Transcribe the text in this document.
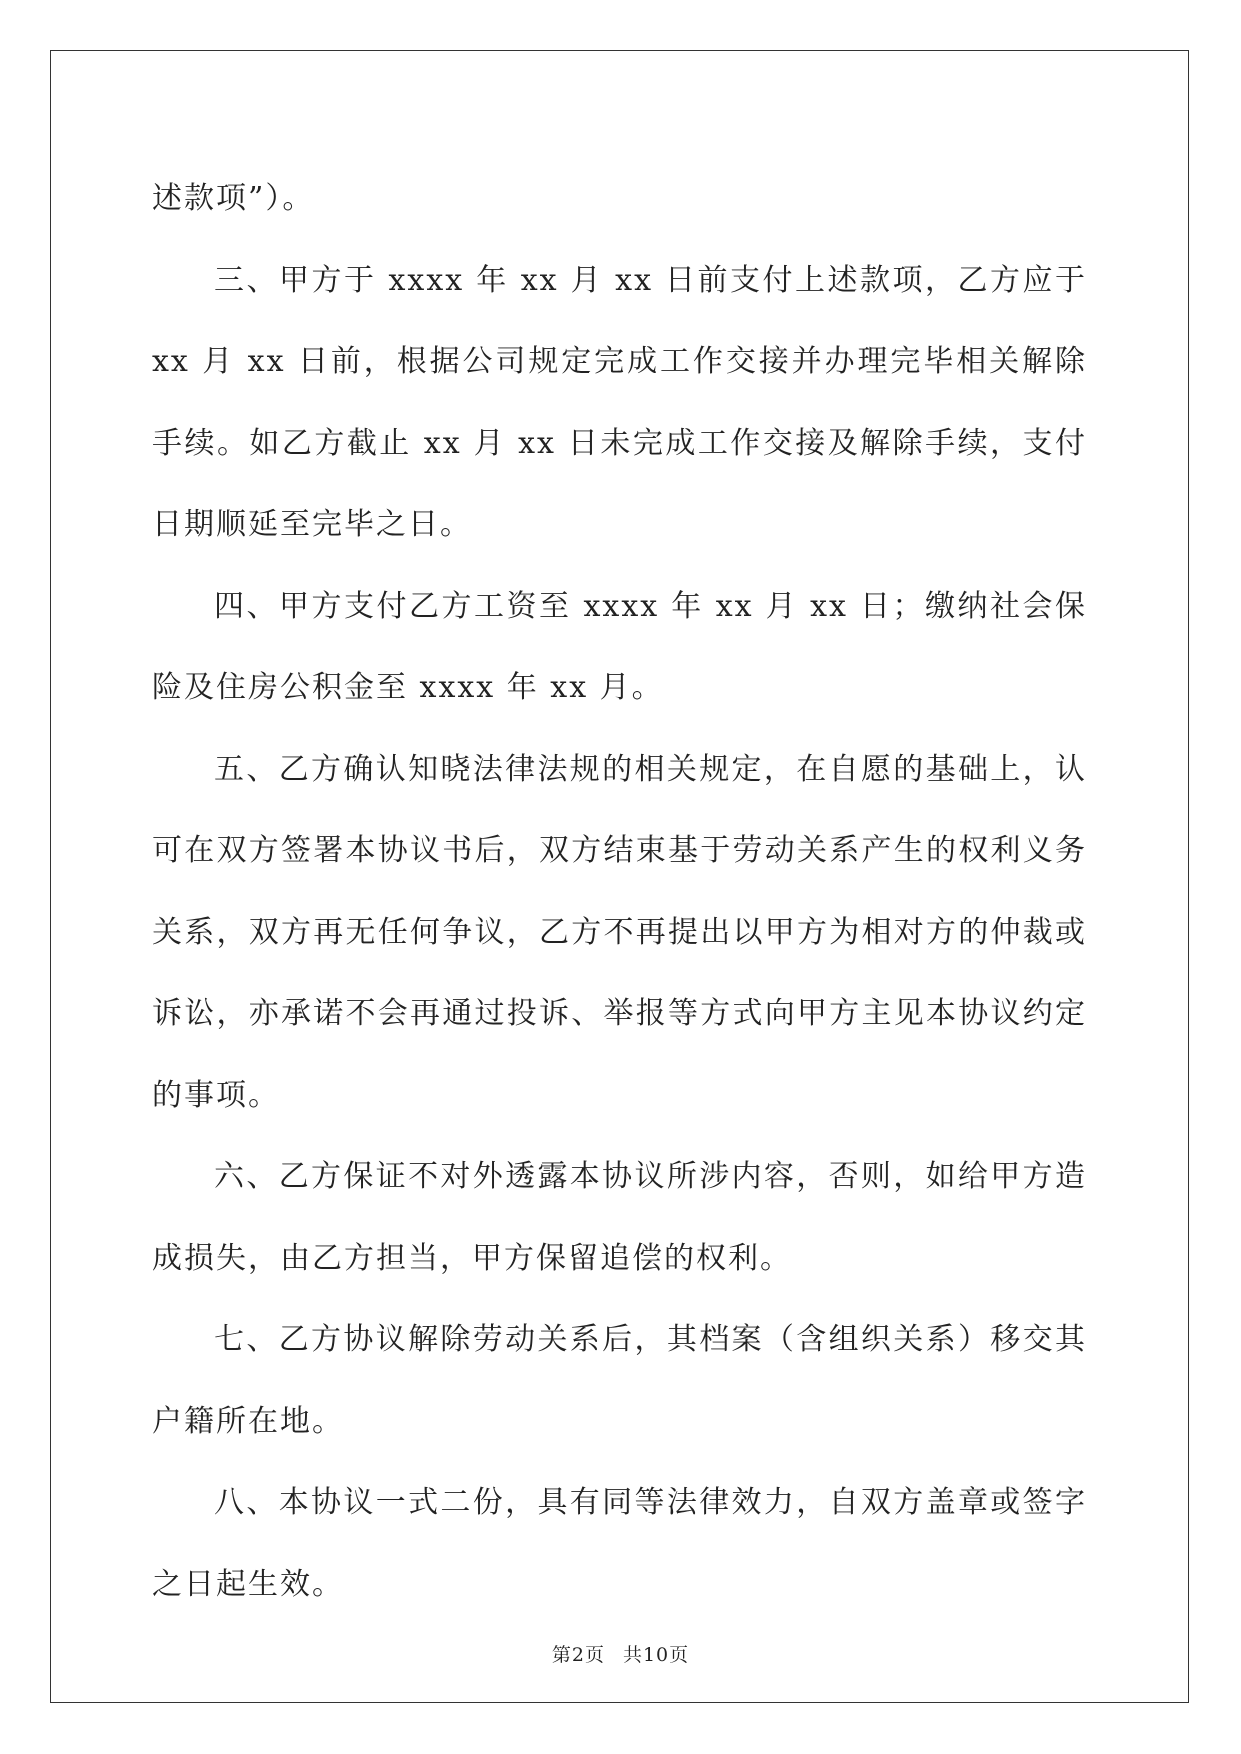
述款项”）。

三、甲方于 xxxx 年 xx 月 xx 日前支付上述款项，乙方应于 xx 月 xx 日前，根据公司规定完成工作交接并办理完毕相关解除手续。如乙方截止 xx 月 xx 日未完成工作交接及解除手续，支付日期顺延至完毕之日。

四、甲方支付乙方工资至 xxxx 年 xx 月 xx 日；缴纳社会保险及住房公积金至 xxxx 年 xx 月。

五、乙方确认知晓法律法规的相关规定，在自愿的基础上，认可在双方签署本协议书后，双方结束基于劳动关系产生的权利义务关系，双方再无任何争议，乙方不再提出以甲方为相对方的仲裁或诉讼，亦承诺不会再通过投诉、举报等方式向甲方主见本协议约定的事项。

六、乙方保证不对外透露本协议所涉内容，否则，如给甲方造成损失，由乙方担当，甲方保留追偿的权利。

七、乙方协议解除劳动关系后，其档案（含组织关系）移交其户籍所在地。

八、本协议一式二份，具有同等法律效力，自双方盖章或签字之日起生效。

第2页 共10页
